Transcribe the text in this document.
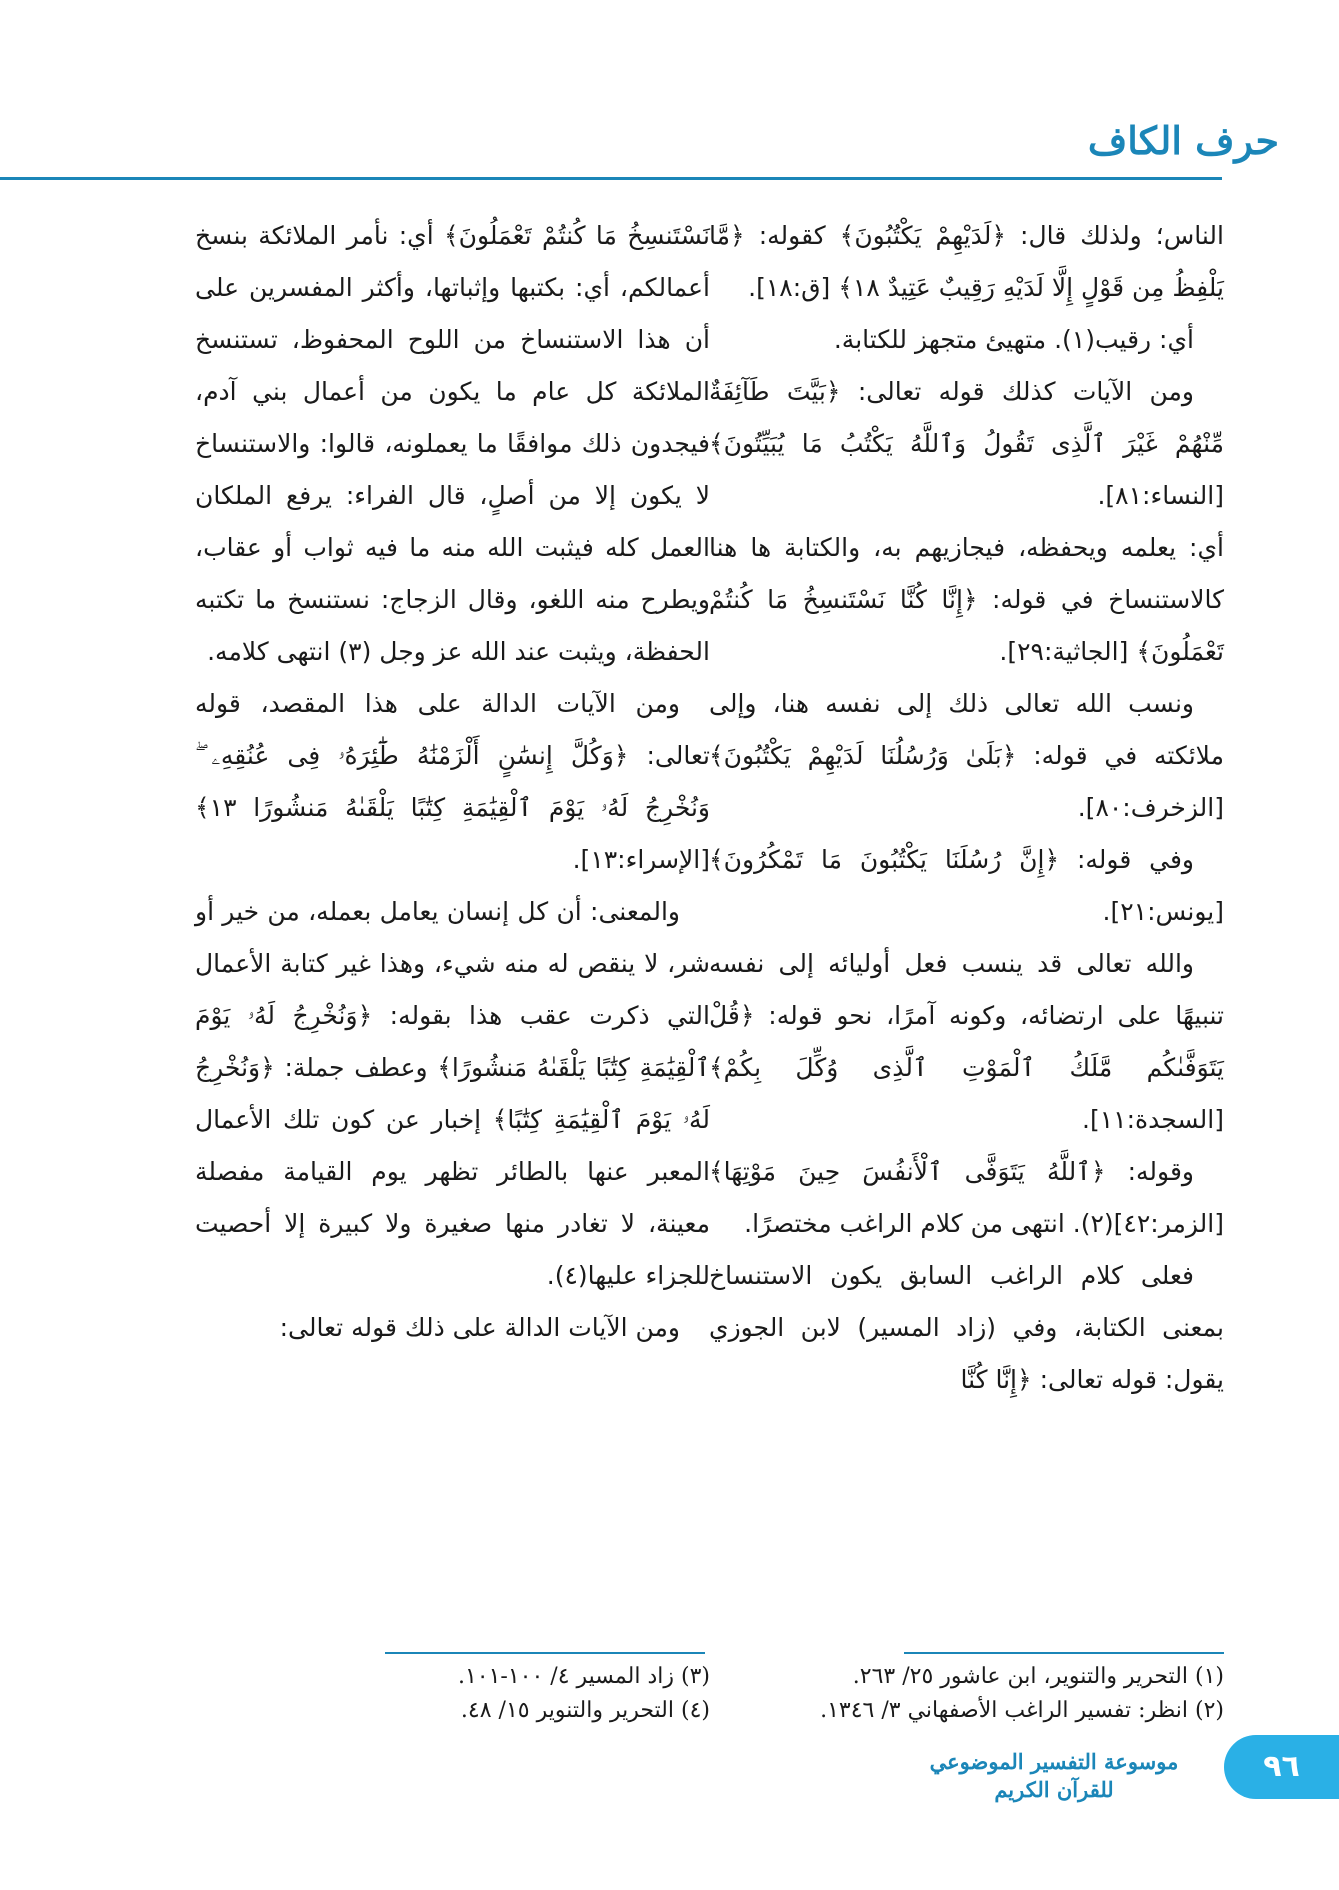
حرف الكاف

الناس؛ ولذلك قال: ﴿لَدَيْهِمْ يَكْتُبُونَ﴾ كقوله: ﴿مَّا يَلْفِظُ مِن قَوْلٍ إِلَّا لَدَيْهِ رَقِيبٌ عَتِيدٌ ١٨﴾ [ق:١٨].

أي: رقيب(١). متهيئ متجهز للكتابة.

ومن الآيات كذلك قوله تعالى: ﴿بَيَّتَ طَآئِفَةٌ مِّنْهُمْ غَيْرَ ٱلَّذِى تَقُولُ وَٱللَّهُ يَكْتُبُ مَا يُبَيِّتُونَ﴾ [النساء:٨١].

أي: يعلمه ويحفظه، فيجازيهم به، والكتابة ها هنا كالاستنساخ في قوله: ﴿إِنَّا كُنَّا نَسْتَنسِخُ مَا كُنتُمْ تَعْمَلُونَ﴾ [الجاثية:٢٩].

ونسب الله تعالى ذلك إلى نفسه هنا، وإلى ملائكته في قوله: ﴿بَلَىٰ وَرُسُلُنَا لَدَيْهِمْ يَكْتُبُونَ﴾ [الزخرف:٨٠].

وفي قوله: ﴿إِنَّ رُسُلَنَا يَكْتُبُونَ مَا تَمْكُرُونَ﴾ [يونس:٢١].

والله تعالى قد ينسب فعل أوليائه إلى نفسه تنبيهًا على ارتضائه، وكونه آمرًا، نحو قوله: ﴿قُلْ يَتَوَفَّىٰكُم مَّلَكُ ٱلْمَوْتِ ٱلَّذِى وُكِّلَ بِكُمْ﴾ [السجدة:١١].

وقوله: ﴿ٱللَّهُ يَتَوَفَّى ٱلْأَنفُسَ حِينَ مَوْتِهَا﴾ [الزمر:٤٢](٢). انتهى من كلام الراغب مختصرًا.

فعلى كلام الراغب السابق يكون الاستنساخ بمعنى الكتابة، وفي (زاد المسير) لابن الجوزي يقول: قوله تعالى: ﴿إِنَّا كُنَّا

نَسْتَنسِخُ مَا كُنتُمْ تَعْمَلُونَ﴾ أي: نأمر الملائكة بنسخ أعمالكم، أي: بكتبها وإثباتها، وأكثر المفسرين على أن هذا الاستنساخ من اللوح المحفوظ، تستنسخ الملائكة كل عام ما يكون من أعمال بني آدم، فيجدون ذلك موافقًا ما يعملونه، قالوا: والاستنساخ لا يكون إلا من أصلٍ، قال الفراء: يرفع الملكان العمل كله فيثبت الله منه ما فيه ثواب أو عقاب، ويطرح منه اللغو، وقال الزجاج: نستنسخ ما تكتبه الحفظة، ويثبت عند الله عز وجل (٣) انتهى كلامه.

ومن الآيات الدالة على هذا المقصد، قوله تعالى: ﴿وَكُلَّ إِنسَٰنٍ أَلْزَمْنَٰهُ طَٰٓئِرَهُۥ فِى عُنُقِهِۦ ۖ وَنُخْرِجُ لَهُۥ يَوْمَ ٱلْقِيَٰمَةِ كِتَٰبًا يَلْقَىٰهُ مَنشُورًا ١٣﴾ [الإسراء:١٣].

والمعنى: أن كل إنسان يعامل بعمله، من خير أو شر، لا ينقص له منه شيء، وهذا غير كتابة الأعمال التي ذكرت عقب هذا بقوله: ﴿وَنُخْرِجُ لَهُۥ يَوْمَ ٱلْقِيَٰمَةِ كِتَٰبًا يَلْقَىٰهُ مَنشُورًا﴾ وعطف جملة: ﴿وَنُخْرِجُ لَهُۥ يَوْمَ ٱلْقِيَٰمَةِ كِتَٰبًا﴾ إخبار عن كون تلك الأعمال المعبر عنها بالطائر تظهر يوم القيامة مفصلة معينة، لا تغادر منها صغيرة ولا كبيرة إلا أحصيت للجزاء عليها(٤).

ومن الآيات الدالة على ذلك قوله تعالى:

(١) التحرير والتنوير، ابن عاشور ٢٥/ ٢٦٣.
(٢) انظر: تفسير الراغب الأصفهاني ٣/ ١٣٤٦.
(٣) زاد المسير ٤/ ١٠٠-١٠١.
(٤) التحرير والتنوير ١٥/ ٤٨.
٩٦
موسوعة التفسير الموضوعي للقرآن الكريم
